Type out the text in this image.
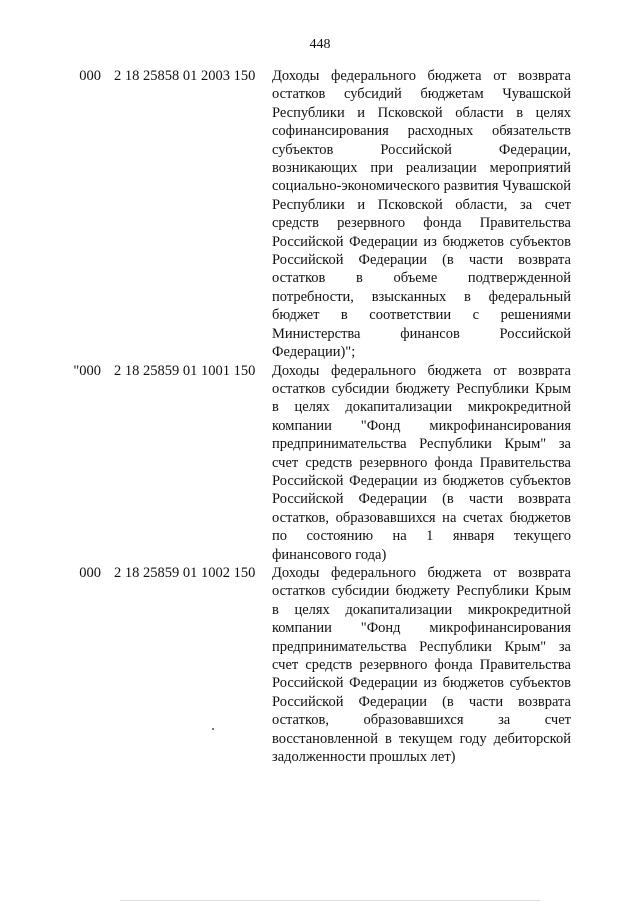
448
000 2 18 25858 01 2003 150	Доходы федерального бюджета от возврата остатков субсидий бюджетам Чувашской Республики и Псковской области в целях софинансирования расходных обязательств субъектов Российской Федерации, возникающих при реализации мероприятий социально-экономического развития Чувашской Республики и Псковской области, за счет средств резервного фонда Правительства Российской Федерации из бюджетов субъектов Российской Федерации (в части возврата остатков в объеме подтвержденной потребности, взысканных в федеральный бюджет в соответствии с решениями Министерства финансов Российской Федерации)";
"000 2 18 25859 01 1001 150	Доходы федерального бюджета от возврата остатков субсидии бюджету Республики Крым в целях докапитализации микрокредитной компании "Фонд микрофинансирования предпринимательства Республики Крым" за счет средств резервного фонда Правительства Российской Федерации из бюджетов субъектов Российской Федерации (в части возврата остатков, образовавшихся на счетах бюджетов по состоянию на 1 января текущего финансового года)
000 2 18 25859 01 1002 150	Доходы федерального бюджета от возврата остатков субсидии бюджету Республики Крым в целях докапитализации микрокредитной компании "Фонд микрофинансирования предпринимательства Республики Крым" за счет средств резервного фонда Правительства Российской Федерации из бюджетов субъектов Российской Федерации (в части возврата остатков, образовавшихся за счет восстановленной в текущем году дебиторской задолженности прошлых лет)
